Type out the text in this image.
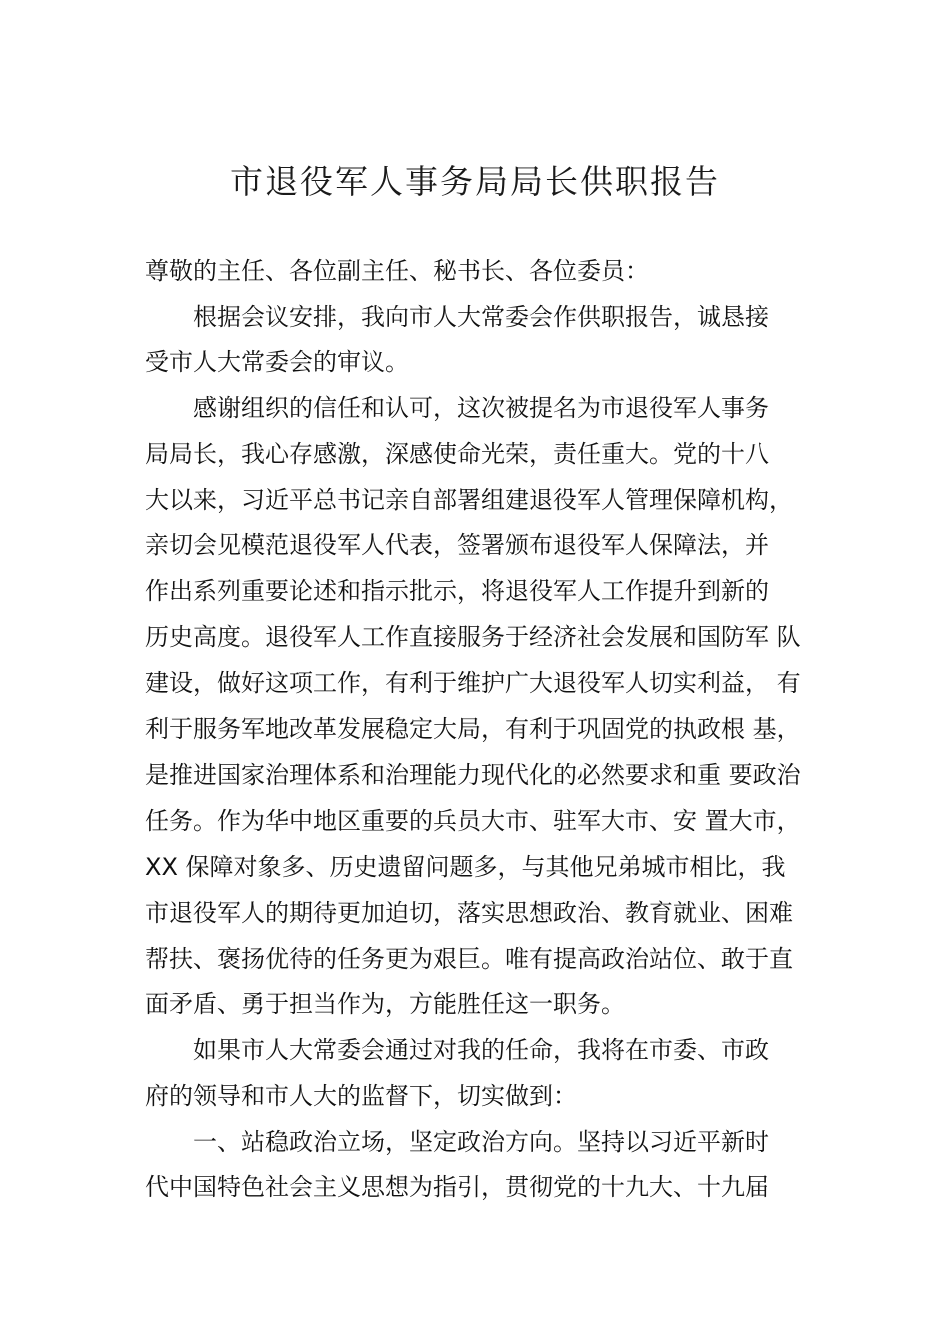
市退役军人事务局局长供职报告

尊敬的主任、各位副主任、秘书长、各位委员：

根据会议安排，我向市人大常委会作供职报告，诚恳接

受市人大常委会的审议。

感谢组织的信任和认可，这次被提名为市退役军人事务

局局长，我心存感激，深感使命光荣，责任重大。党的十八

大以来，习近平总书记亲自部署组建退役军人管理保障机构，

亲切会见模范退役军人代表，签署颁布退役军人保障法，并

作出系列重要论述和指示批示，将退役军人工作提升到新的

历史高度。退役军人工作直接服务于经济社会发展和国防军 队

建设，做好这项工作，有利于维护广大退役军人切实利益， 有

利于服务军地改革发展稳定大局，有利于巩固党的执政根 基，

是推进国家治理体系和治理能力现代化的必然要求和重 要政治

任务。作为华中地区重要的兵员大市、驻军大市、安 置大市，

XX 保障对象多、历史遗留问题多，与其他兄弟城市相比，我

市退役军人的期待更加迫切，落实思想政治、教育就业、困难

帮扶、褒扬优待的任务更为艰巨。唯有提高政治站位、敢于直

面矛盾、勇于担当作为，方能胜任这一职务。

如果市人大常委会通过对我的任命，我将在市委、市政

府的领导和市人大的监督下，切实做到：

一、站稳政治立场，坚定政治方向。坚持以习近平新时

代中国特色社会主义思想为指引，贯彻党的十九大、十九届
